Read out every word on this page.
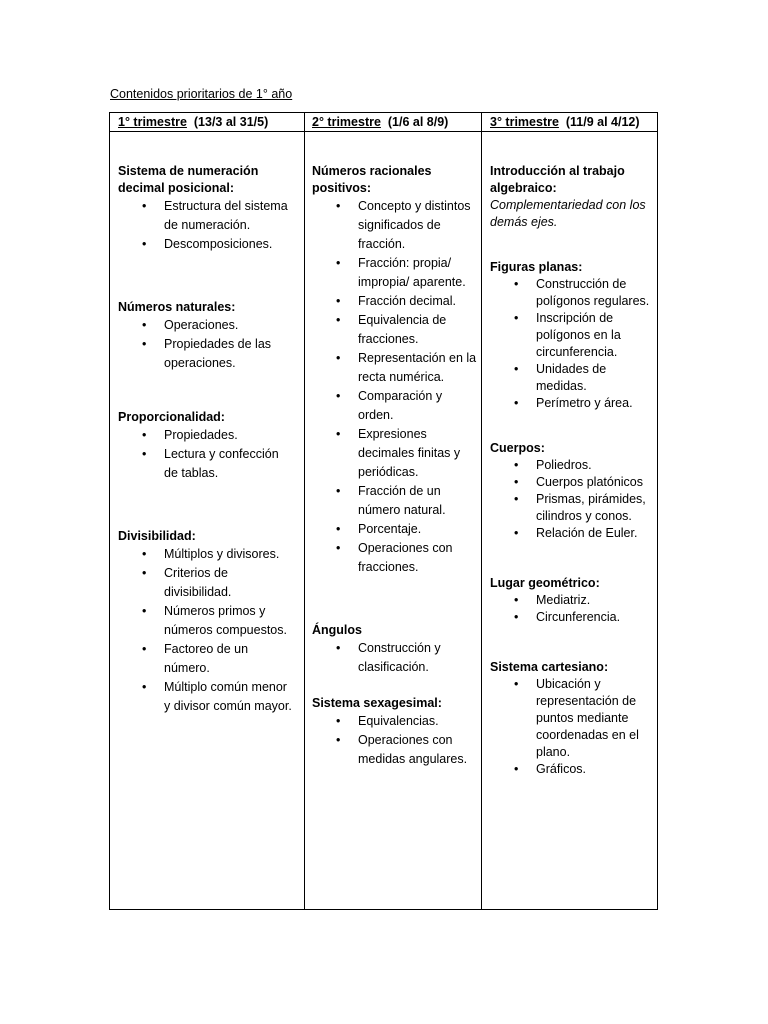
Contenidos prioritarios de 1° año
1° trimestre (13/3 al 31/5)	2° trimestre (1/6 al 8/9)	3° trimestre (11/9 al 4/12)
Sistema de numeración decimal posicional:
• Estructura del sistema de numeración.
• Descomposiciones.
Números naturales:
• Operaciones.
• Propiedades de las operaciones.
Proporcionalidad:
• Propiedades.
• Lectura y confección de tablas.
Divisibilidad:
• Múltiplos y divisores.
• Criterios de divisibilidad.
• Números primos y números compuestos.
• Factoreo de un número.
• Múltiplo común menor y divisor común mayor.
Números racionales positivos:
• Concepto y distintos significados de fracción.
• Fracción: propia/ impropia/ aparente.
• Fracción decimal.
• Equivalencia de fracciones.
• Representación en la recta numérica.
• Comparación y orden.
• Expresiones decimales finitas y periódicas.
• Fracción de un número natural.
• Porcentaje.
• Operaciones con fracciones.
Ángulos
• Construcción y clasificación.
Sistema sexagesimal:
• Equivalencias.
• Operaciones con medidas angulares.
Introducción al trabajo algebraico:
Complementariedad con los demás ejes.
Figuras planas:
• Construcción de polígonos regulares.
• Inscripción de polígonos en la circunferencia.
• Unidades de medidas.
• Perímetro y área.
Cuerpos:
• Poliedros.
• Cuerpos platónicos
• Prismas, pirámides, cilindros y conos.
• Relación de Euler.
Lugar geométrico:
• Mediatriz.
• Circunferencia.
Sistema cartesiano:
• Ubicación y representación de puntos mediante coordenadas en el plano.
• Gráficos.
